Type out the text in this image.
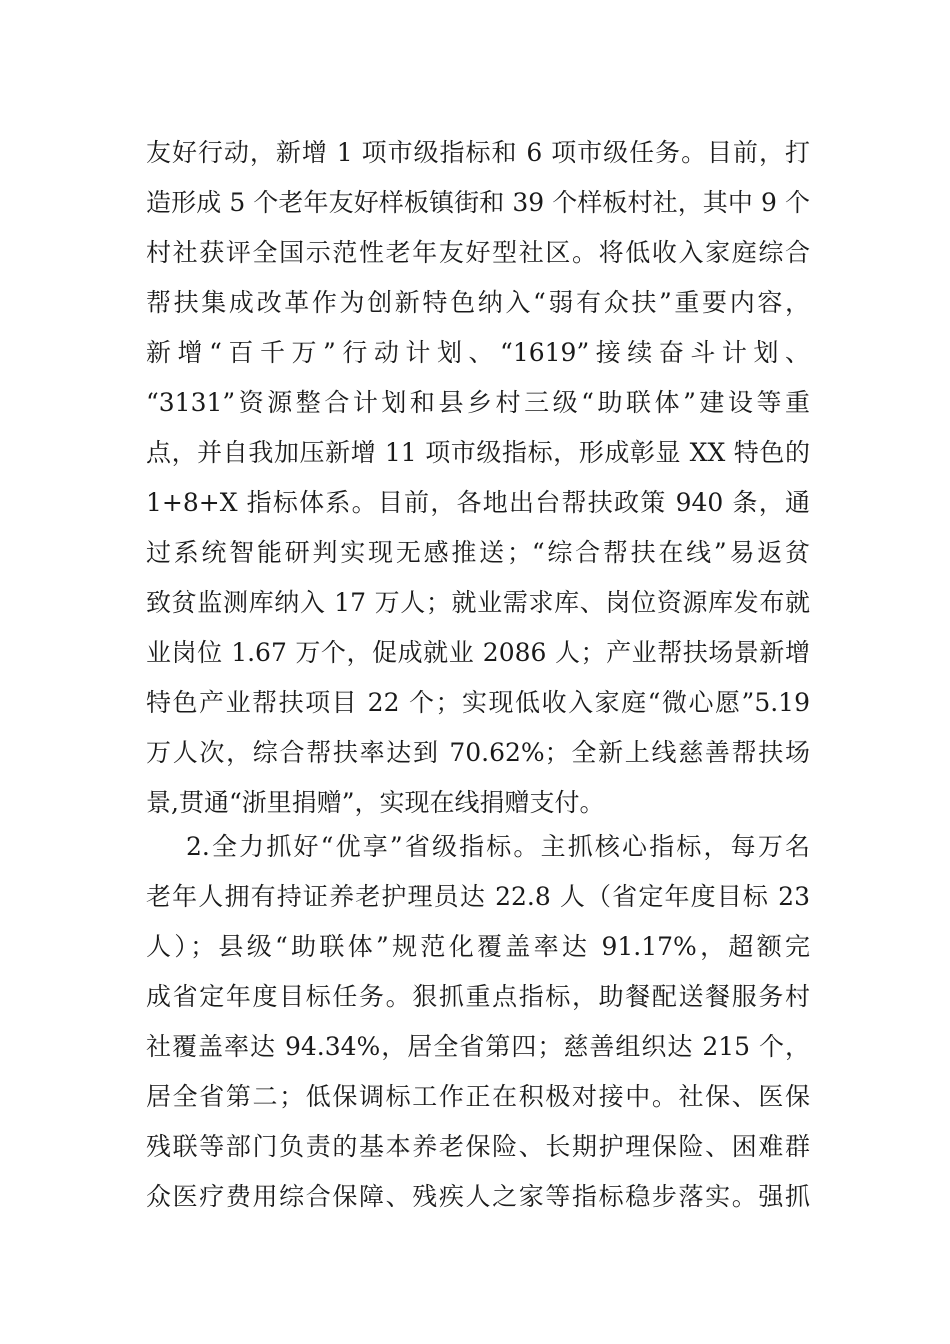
友好行动，新增 1 项市级指标和 6 项市级任务。目前，打
造形成 5 个老年友好样板镇街和 39 个样板村社，其中 9 个
村社获评全国示范性老年友好型社区。将低收入家庭综合
帮扶集成改革作为创新特色纳入“弱有众扶”重要内容，
新增“百千万”行动计划、“1619”接续奋斗计划、
“3131”资源整合计划和县乡村三级“助联体”建设等重
点，并自我加压新增 11 项市级指标，形成彰显 XX 特色的
1+8+X 指标体系。目前，各地出台帮扶政策 940 条，通
过系统智能研判实现无感推送；“综合帮扶在线”易返贫
致贫监测库纳入 17 万人；就业需求库、岗位资源库发布就
业岗位 1.67 万个，促成就业 2086 人；产业帮扶场景新增
特色产业帮扶项目 22 个；实现低收入家庭“微心愿”5.19
万人次，综合帮扶率达到 70.62%；全新上线慈善帮扶场
景,贯通“浙里捐赠”，实现在线捐赠支付。
2.全力抓好“优享”省级指标。主抓核心指标，每万名
老年人拥有持证养老护理员达 22.8 人（省定年度目标 23
人）；县级“助联体”规范化覆盖率达 91.17%，超额完
成省定年度目标任务。狠抓重点指标，助餐配送餐服务村
社覆盖率达 94.34%，居全省第四；慈善组织达 215 个，
居全省第二；低保调标工作正在积极对接中。社保、医保
残联等部门负责的基本养老保险、长期护理保险、困难群
众医疗费用综合保障、残疾人之家等指标稳步落实。强抓
